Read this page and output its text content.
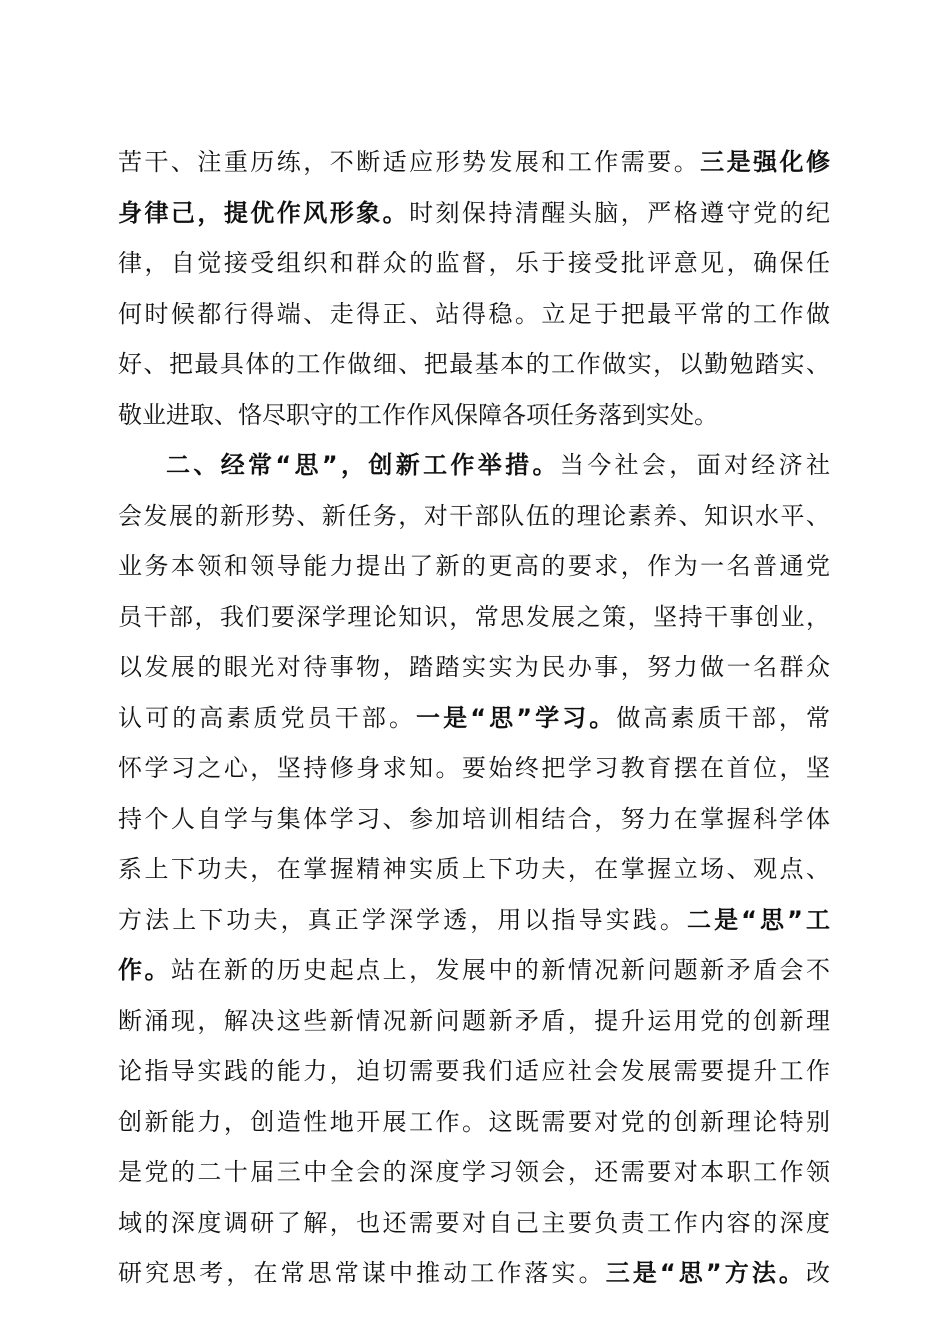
苦干、注重历练，不断适应形势发展和工作需要。三是强化修
身律己，提优作风形象。时刻保持清醒头脑，严格遵守党的纪
律，自觉接受组织和群众的监督，乐于接受批评意见，确保任
何时候都行得端、走得正、站得稳。立足于把最平常的工作做
好、把最具体的工作做细、把最基本的工作做实，以勤勉踏实、
敬业进取、恪尽职守的工作作风保障各项任务落到实处。
二、经常“思”，创新工作举措。当今社会，面对经济社
会发展的新形势、新任务，对干部队伍的理论素养、知识水平、
业务本领和领导能力提出了新的更高的要求，作为一名普通党
员干部，我们要深学理论知识，常思发展之策，坚持干事创业，
以发展的眼光对待事物，踏踏实实为民办事，努力做一名群众
认可的高素质党员干部。一是“思”学习。做高素质干部，常
怀学习之心，坚持修身求知。要始终把学习教育摆在首位，坚
持个人自学与集体学习、参加培训相结合，努力在掌握科学体
系上下功夫，在掌握精神实质上下功夫，在掌握立场、观点、
方法上下功夫，真正学深学透，用以指导实践。二是“思”工
作。站在新的历史起点上，发展中的新情况新问题新矛盾会不
断涌现，解决这些新情况新问题新矛盾，提升运用党的创新理
论指导实践的能力，迫切需要我们适应社会发展需要提升工作
创新能力，创造性地开展工作。这既需要对党的创新理论特别
是党的二十届三中全会的深度学习领会，还需要对本职工作领
域的深度调研了解，也还需要对自己主要负责工作内容的深度
研究思考，在常思常谋中推动工作落实。三是“思”方法。改
